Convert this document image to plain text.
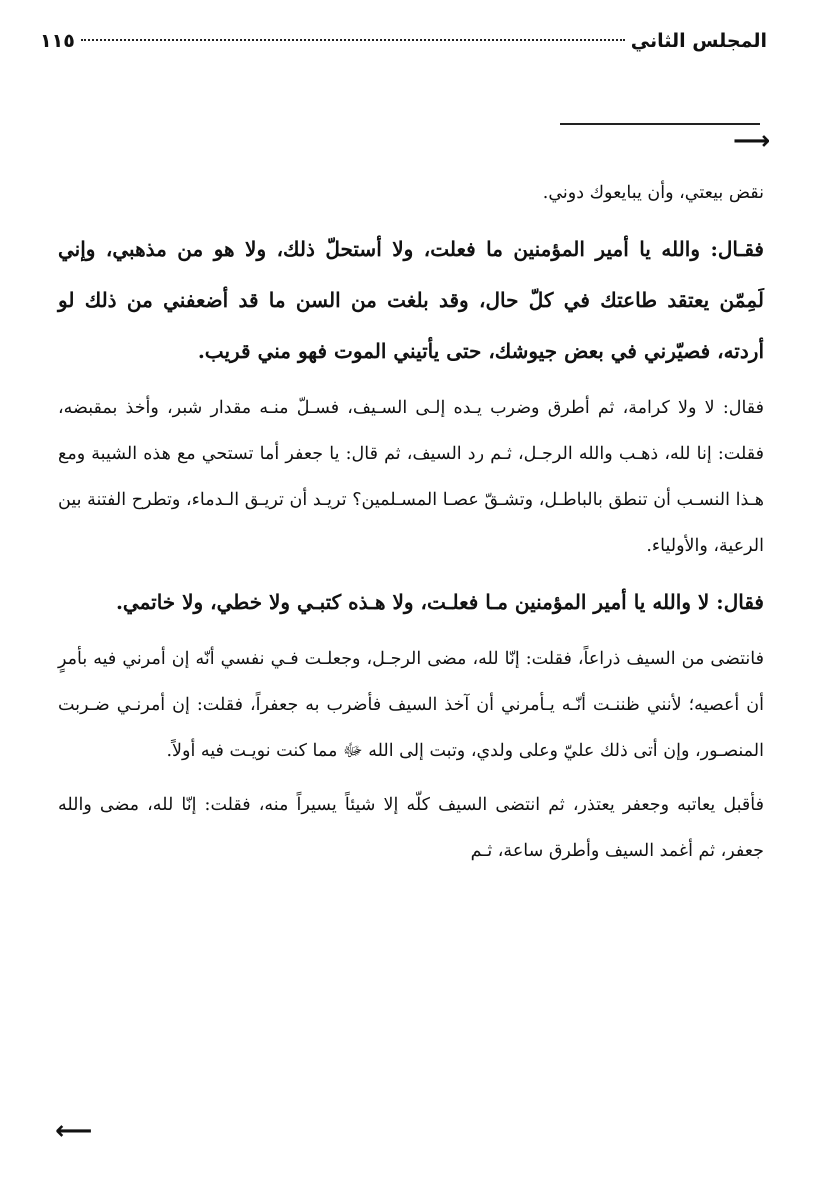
المجلس الثاني
١١٥
⟶

نقض بيعتي، وأن يبايعوك دوني.

فقـال: والله يا أمير المؤمنين ما فعلت، ولا أستحلّ ذلك، ولا هو من مذهبي، وإني لَمِمّن يعتقد طاعتك في كلّ حال، وقد بلغت من السن ما قد أضعفني من ذلك لو أردته، فصيّرني في بعض جيوشك، حتى يأتيني الموت فهو مني قريب.

فقال: لا ولا كرامة، ثم أطرق وضرب يـده إلـى السـيف، فسـلّ منـه مقدار شبر، وأخذ بمقبضه، فقلت: إنا لله، ذهـب والله الرجـل، ثـم رد السيف، ثم قال: يا جعفر أما تستحي مع هذه الشيبة ومع هـذا النسـب أن تنطق بالباطـل، وتشـقّ عصـا المسـلمين؟ تريـد أن تريـق الـدماء، وتطرح الفتنة بين الرعية، والأولياء.

فقال: لا والله يا أمير المؤمنين مـا فعلـت، ولا هـذه كتبـي ولا خطي، ولا خاتمي.

فانتضى من السيف ذراعاً، فقلت: إنّا لله، مضى الرجـل، وجعلـت فـي نفسي أنّه إن أمرني فيه بأمرٍ أن أعصيه؛ لأنني ظننـت أنّـه يـأمرني أن آخذ السيف فأضرب به جعفراً، فقلت: إن أمرنـي ضـربت المنصـور، وإن أتى ذلك عليّ وعلى ولدي، وتبت إلى الله ﷻ مما كنت نويـت فيه أولاً.

فأقبل يعاتبه وجعفر يعتذر، ثم انتضى السيف كلّه إلا شيئاً يسيراً منه، فقلت: إنّا لله، مضى والله جعفر، ثم أغمد السيف وأطرق ساعة، ثـم

⟵
